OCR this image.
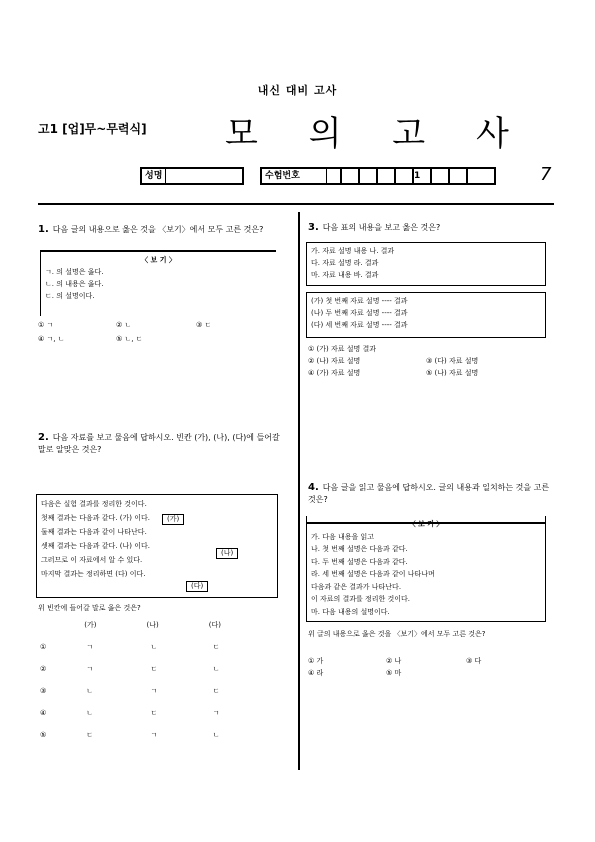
내신 대비 고사
고1 [업]무~무력식] 모 의 고 사
성명	수험번호	1	7
1. 다음 글의 내용으로 옳은 것을 〈보기〉에서 모두 고른 것은?
〈 보 기 〉
ㄱ. 의 설명은 옳다.
ㄴ. 의 내용은 옳다.
ㄷ. 의 설명이다.
① ㄱ	② ㄴ	③ ㄷ
④ ㄱ, ㄴ	⑤ ㄴ, ㄷ
2. 다음 자료를 보고 물음에 답하시오. 빈칸 (가), (나), (다)에 들어갈 말로 알맞은 것은?
다음은 실험 결과를 정리한 것이다.
첫째 결과는 다음과 같다. (가) 이다.
둘째 결과는 다음과 같이 나타난다.
셋째 결과는 다음과 같다. (나) 이다.
그러므로 이 자료에서 알 수 있다.
마지막 결과는 정리하면 (다) 이다.
(가)
(나)
(다)
위 빈칸에 들어갈 말로 옳은 것은?
	(가)	(나)	(다)
①	ㄱ	ㄴ	ㄷ
②	ㄱ	ㄷ	ㄴ
③	ㄴ	ㄱ	ㄷ
④	ㄴ	ㄷ	ㄱ
⑤	ㄷ	ㄱ	ㄴ
3. 다음 표의 내용을 보고 옳은 것은?
가. 자료 설명 내용 나. 결과
다. 자료 설명 라. 결과
마. 자료 내용 바. 결과
(가) 첫 번째 자료 설명 ---- 결과
(나) 두 번째 자료 설명 ---- 결과
(다) 세 번째 자료 설명 ---- 결과
① (가) 자료 설명 결과
② (나) 자료 설명	③ (다) 자료 설명
④ (가) 자료 설명	⑤ (나) 자료 설명
4. 다음 글을 읽고 물음에 답하시오. 글의 내용과 일치하는 것을 고른 것은?
〈 보 기 〉
가. 다음 내용을 읽고
나. 첫 번째 설명은 다음과 같다.
다. 두 번째 설명은 다음과 같다.
라. 세 번째 설명은 다음과 같이 나타나며
다음과 같은 결과가 나타난다.
이 자료의 결과를 정리한 것이다.
마. 다음 내용의 설명이다.
위 글의 내용으로 옳은 것을 〈보기〉에서 모두 고른 것은?
① 가	② 나	③ 다
④ 라	⑤ 마
